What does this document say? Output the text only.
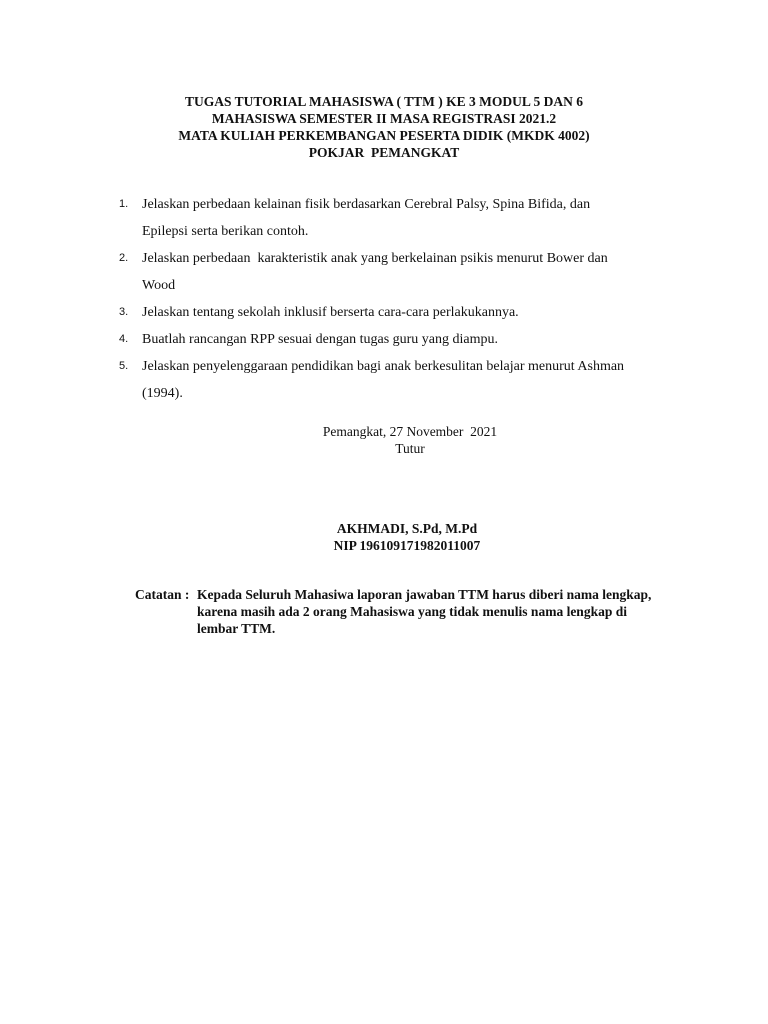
TUGAS TUTORIAL MAHASISWA ( TTM ) KE 3 MODUL 5 DAN 6
MAHASISWA SEMESTER II MASA REGISTRASI 2021.2
MATA KULIAH PERKEMBANGAN PESERTA DIDIK (MKDK 4002)
POKJAR  PEMANGKAT
1. Jelaskan perbedaan kelainan fisik berdasarkan Cerebral Palsy, Spina Bifida, dan
Epilepsi serta berikan contoh.
2. Jelaskan perbedaan  karakteristik anak yang berkelainan psikis menurut Bower dan
Wood
3. Jelaskan tentang sekolah inklusif berserta cara-cara perlakukannya.
4. Buatlah rancangan RPP sesuai dengan tugas guru yang diampu.
5. Jelaskan penyelenggaraan pendidikan bagi anak berkesulitan belajar menurut Ashman
(1994).
Pemangkat, 27 November  2021
Tutur
AKHMADI, S.Pd, M.Pd
NIP 196109171982011007
Catatan : Kepada Seluruh Mahasiwa laporan jawaban TTM harus diberi nama lengkap,
karena masih ada 2 orang Mahasiswa yang tidak menulis nama lengkap di
lembar TTM.
